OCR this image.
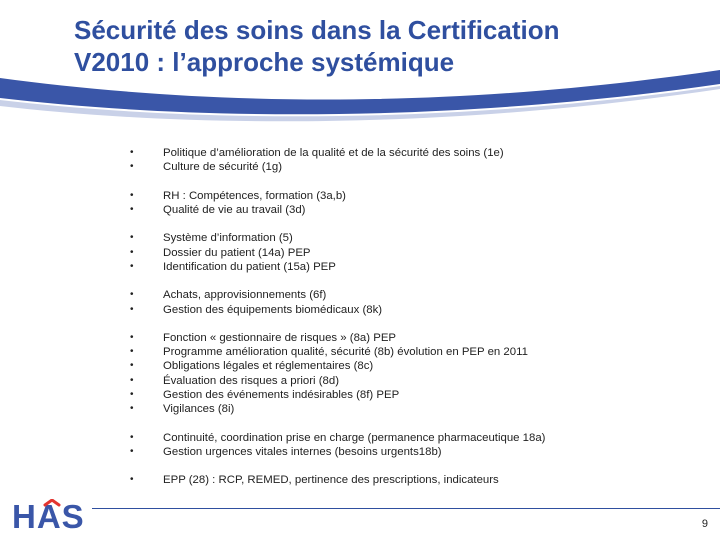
Sécurité des soins dans la Certification
V2010 : l’approche systémique
• Politique d’amélioration de la qualité et de la sécurité des soins (1e)
• Culture de sécurité (1g)
• RH : Compétences, formation (3a,b)
• Qualité de vie au travail (3d)
• Système d’information (5)
• Dossier du patient (14a) PEP
• Identification du patient (15a) PEP
• Achats, approvisionnements (6f)
• Gestion des équipements biomédicaux (8k)
• Fonction « gestionnaire de risques » (8a) PEP
• Programme amélioration qualité, sécurité (8b) évolution en PEP en 2011
• Obligations légales et réglementaires (8c)
• Évaluation des risques a priori (8d)
• Gestion des événements indésirables (8f) PEP
• Vigilances (8i)
• Continuité, coordination prise en charge (permanence pharmaceutique 18a)
• Gestion urgences vitales internes (besoins urgents18b)
• EPP (28) : RCP, REMED, pertinence des prescriptions, indicateurs
HAS	9
